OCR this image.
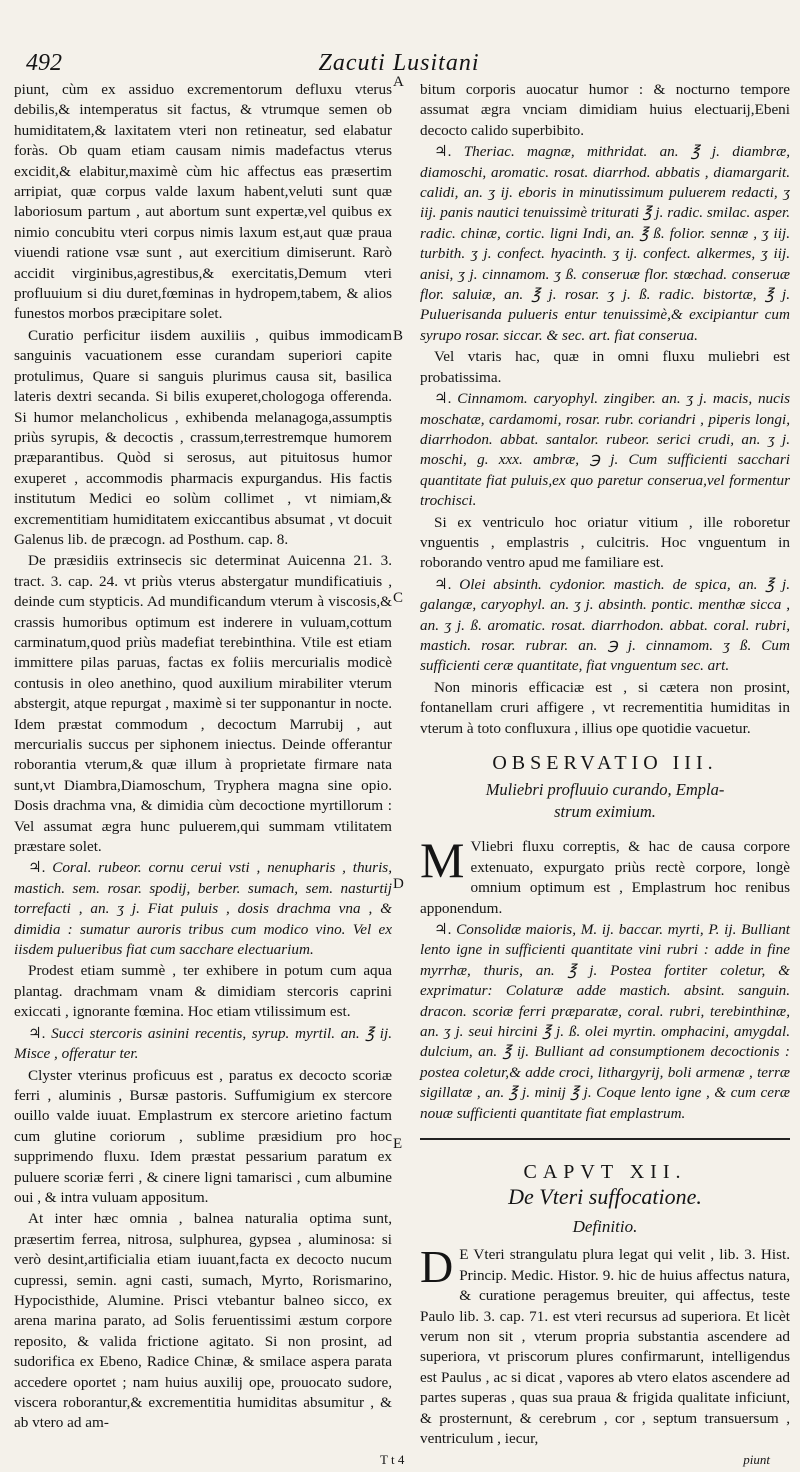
492	Zacuti Lusitani
A
B
C
D
E

piunt, cùm ex assiduo excrementorum defluxu vterus debilis,& intemperatus sit factus, & vtrumque semen ob humiditatem,& laxitatem vteri non retineatur, sed elabatur foràs. Ob quam etiam causam nimis madefactus vterus excidit,& elabitur,maximè cùm hic affectus eas præsertim arripiat, quæ corpus valde laxum habent,veluti sunt quæ laboriosum partum , aut abortum sunt expertæ,vel quibus ex nimio concubitu vteri corpus nimis laxum est,aut quæ praua viuendi ratione vsæ sunt , aut exercitium dimiserunt. Rarò accidit virginibus,agrestibus,& exercitatis,Demum vteri profluuium si diu duret,fœminas in hydropem,tabem, & alios funestos morbos præcipitare solet.

Curatio perficitur iisdem auxiliis , quibus immodicam sanguinis vacuationem esse curandam superiori capite protulimus, Quare si sanguis plurimus causa sit, basilica lateris dextri secanda. Si bilis exuperet,chologoga offerenda. Si humor melancholicus , exhibenda melanagoga,assumptis priùs syrupis, & decoctis , crassum,terrestremque humorem præparantibus. Quòd si serosus, aut pituitosus humor exuperet , accommodis pharmacis expurgandus. His factis institutum Medici eo solùm collimet , vt nimiam,& excrementitiam humiditatem exiccantibus absumat , vt docuit Galenus lib. de præcogn. ad Posthum. cap. 8.

De præsidiis extrinsecis sic determinat Auicenna 21. 3. tract. 3. cap. 24. vt priùs vterus abstergatur mundificatiuis , deinde cum stypticis. Ad mundificandum vterum à viscosis,& crassis humoribus optimum est inderere in vuluam,cottum carminatum,quod priùs madefiat terebinthina. Vtile est etiam immittere pilas paruas, factas ex foliis mercurialis modicè contusis in oleo anethino, quod auxilium mirabiliter vterum abstergit, atque repurgat , maximè si ter supponantur in nocte. Idem præstat commodum , decoctum Marrubij , aut mercurialis succus per siphonem iniectus. Deinde offerantur roborantia vterum,& quæ illum à proprietate firmare nata sunt,vt Diambra,Diamoschum, Tryphera magna sine opio. Dosis drachma vna, & dimidia cùm decoctione myrtillorum : Vel assumat ægra hunc puluerem,qui summam vtilitatem præstare solet.

♃. Coral. rubeor. cornu cerui vsti , nenupharis , thuris, mastich. sem. rosar. spodij, berber. sumach, sem. nasturtij torrefacti , an. ʒ j. Fiat puluis , dosis drachma vna , & dimidia : sumatur auroris tribus cum modico vino. Vel ex iisdem pulueribus fiat cum sacchare electuarium.

Prodest etiam summè , ter exhibere in potum cum aqua plantag. drachmam vnam & dimidiam stercoris caprini exiccati , ignorante fœmina. Hoc etiam vtilissimum est.

♃. Succi stercoris asinini recentis, syrup. myrtil. an. ℥ ij. Misce , offeratur ter.

Clyster vterinus proficuus est , paratus ex decocto scoriæ ferri , aluminis , Bursæ pastoris. Suffumigium ex stercore ouillo valde iuuat. Emplastrum ex stercore arietino factum cum glutine coriorum , sublime præsidium pro hoc supprimendo fluxu. Idem præstat pessarium paratum ex puluere scoriæ ferri , & cinere ligni tamarisci , cum albumine oui , & intra vuluam appositum.

At inter hæc omnia , balnea naturalia optima sunt, præsertim ferrea, nitrosa, sulphurea, gypsea , aluminosa: si verò desint,artificialia etiam iuuant,facta ex decocto nucum cupressi, semin. agni casti, sumach, Myrto, Rorismarino, Hypocisthide, Alumine. Prisci vtebantur balneo sicco, ex arena marina parato, ad Solis feruentissimi æstum corpore reposito, & valida frictione agitato. Si non prosint, ad sudorifica ex Ebeno, Radice Chinæ, & smilace aspera parata accedere oportet ; nam huius auxilij ope, prouocato sudore, viscera roborantur,& excrementitia humiditas absumitur , & ab vtero ad am-

bitum corporis auocatur humor : & nocturno tempore assumat ægra vnciam dimidiam huius electuarij,Ebeni decocto calido superbibito.

♃. Theriac. magnæ, mithridat. an. ℥ j. diambræ, diamoschi, aromatic. rosat. diarrhod. abbatis , diamargarit. calidi, an. ʒ ij. eboris in minutissimum puluerem redacti, ʒ iij. panis nautici tenuissimè triturati ℥ j. radic. smilac. asper. radic. chinæ, cortic. ligni Indi, an. ℥ ß. folior. sennæ , ʒ iij. turbith. ʒ j. confect. hyacinth. ʒ ij. confect. alkermes, ʒ iij. anisi, ʒ j. cinnamom. ʒ ß. conseruæ flor. stœchad. conseruæ flor. saluiæ, an. ℥ j. rosar. ʒ j. ß. radic. bistortæ, ℥ j. Puluerisanda pulueris entur tenuissimè,& excipiantur cum syrupo rosar. siccar. & sec. art. fiat conserua.

Vel vtaris hac, quæ in omni fluxu muliebri est probatissima.

♃. Cinnamom. caryophyl. zingiber. an. ʒ j. macis, nucis moschatæ, cardamomi, rosar. rubr. coriandri , piperis longi, diarrhodon. abbat. santalor. rubeor. serici crudi, an. ʒ j. moschi, g. xxx. ambræ, ℈ j. Cum sufficienti sacchari quantitate fiat puluis,ex quo paretur conserua,vel formentur trochisci.

Si ex ventriculo hoc oriatur vitium , ille roboretur vnguentis , emplastris , culcitris. Hoc vnguentum in roborando ventro apud me familiare est.

♃. Olei absinth. cydonior. mastich. de spica, an. ℥ j. galangæ, caryophyl. an. ʒ j. absinth. pontic. menthæ sicca , an. ʒ j. ß. aromatic. rosat. diarrhodon. abbat. coral. rubri, mastich. rosar. rubrar. an. ℈ j. cinnamom. ʒ ß. Cum sufficienti ceræ quantitate, fiat vnguentum sec. art.

Non minoris efficaciæ est , si cætera non prosint, fontanellam cruri affigere , vt recrementitia humiditas in vterum à toto confluxura , illius ope quotidie vacuetur.

OBSERVATIO III.
Muliebri profluuio curando, Empla-
strum eximium.

M Vliebri fluxu correptis, & hac de causa corpore extenuato, expurgato priùs rectè corpore, longè omnium optimum est , Emplastrum hoc renibus apponendum.

♃. Consolidæ maioris, M. ij. baccar. myrti, P. ij. Bulliant lento igne in sufficienti quantitate vini rubri : adde in fine myrrhæ, thuris, an. ℥ j. Postea fortiter coletur, & exprimatur: Colaturæ adde mastich. absint. sanguin. dracon. scoriæ ferri præparatæ, coral. rubri, terebinthinæ, an. ʒ j. seui hircini ℥ j. ß. olei myrtin. omphacini, amygdal. dulcium, an. ℥ ij. Bulliant ad consumptionem decoctionis : postea coletur,& adde croci, lithargyrij, boli armenæ , terræ sigillatæ , an. ℥ j. minij ℥ j. Coque lento igne , & cum ceræ nouæ sufficienti quantitate fiat emplastrum.

CAPVT XII.
De Vteri suffocatione.
Definitio.

D E Vteri strangulatu plura legat qui velit , lib. 3. Hist. Princip. Medic. Histor. 9. hic de huius affectus natura, & curatione peragemus breuiter, qui affectus, teste Paulo lib. 3. cap. 71. est vteri recursus ad superiora. Et licèt verum non sit , vterum propria substantia ascendere ad superiora, vt priscorum plures confirmarunt, intelligendus est Paulus , ac si dicat , vapores ab vtero elatos ascendere ad partes superas , quas sua praua & frigida qualitate inficiunt, & prosternunt, & cerebrum , cor , septum transuersum , ventriculum , iecur,

T t 4	piunt
